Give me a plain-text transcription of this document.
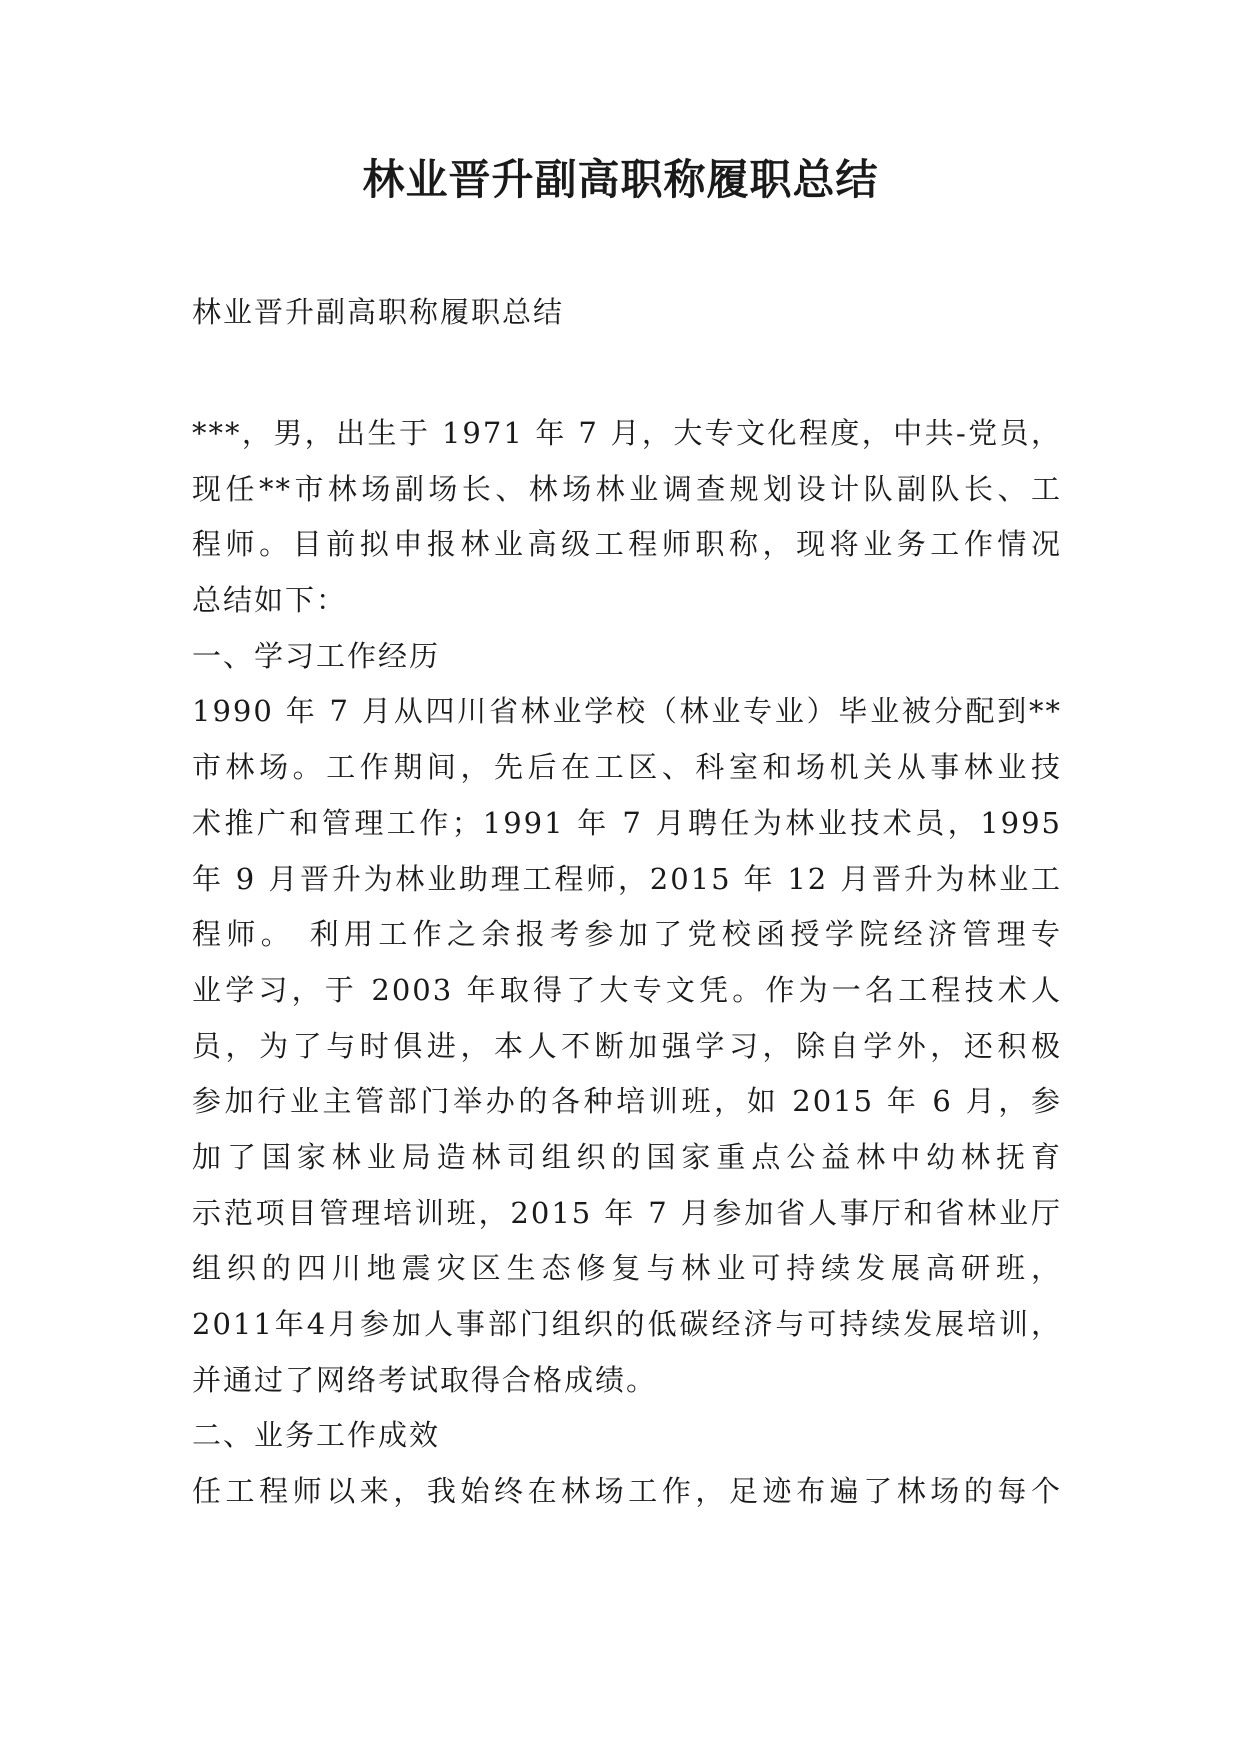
林业晋升副高职称履职总结
林业晋升副高职称履职总结
***，男，出生于 1971 年 7 月，大专文化程度，中共-党员，
现任**市林场副场长、林场林业调查规划设计队副队长、工
程师。目前拟申报林业高级工程师职称，现将业务工作情况
总结如下：
一、学习工作经历
1990 年 7 月从四川省林业学校（林业专业）毕业被分配到**
市林场。工作期间，先后在工区、科室和场机关从事林业技
术推广和管理工作；1991 年 7 月聘任为林业技术员，1995
年 9 月晋升为林业助理工程师，2015 年 12 月晋升为林业工
程师。 利用工作之余报考参加了党校函授学院经济管理专
业学习，于 2003 年取得了大专文凭。作为一名工程技术人
员，为了与时俱进，本人不断加强学习，除自学外，还积极
参加行业主管部门举办的各种培训班，如 2015 年 6 月，参
加了国家林业局造林司组织的国家重点公益林中幼林抚育
示范项目管理培训班，2015 年 7 月参加省人事厅和省林业厅
组织的四川地震灾区生态修复与林业可持续发展高研班，
2011年4月参加人事部门组织的低碳经济与可持续发展培训，
并通过了网络考试取得合格成绩。
二、业务工作成效
任工程师以来，我始终在林场工作，足迹布遍了林场的每个
